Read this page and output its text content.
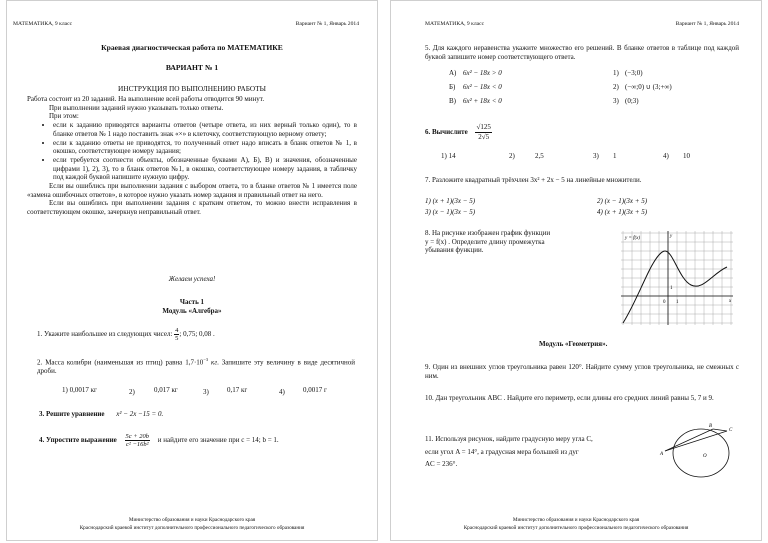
МАТЕМАТИКА, 9 класс	Вариант № 1, Январь 2014
Краевая диагностическая работа по МАТЕМАТИКЕ
ВАРИАНТ № 1
ИНСТРУКЦИЯ ПО ВЫПОЛНЕНИЮ РАБОТЫ
Работа состоит из 20 заданий. На выполнение всей работы отводится 90 минут.
При выполнении заданий нужно указывать только ответы.
При этом:
• если к заданию приводятся варианты ответов (четыре ответа, из них верный только один), то в бланке ответов № 1 надо поставить знак «×» в клеточку, соответствующую верному ответу;
• если к заданию ответы не приводятся, то полученный ответ надо вписать в бланк ответов № 1, в окошко, соответствующее номеру задания;
• если требуется соотнести объекты, обозначенные буквами А), Б), В) и значения, обозначенные цифрами 1), 2), 3), то в бланк ответов №1, в окошко, соответствующее номеру задания, в табличку под каждой буквой напишите нужную цифру.
Если вы ошиблись при выполнении задания с выбором ответа, то в бланке ответов № 1 имеется поле «замена ошибочных ответов», в которое нужно указать номер задания и правильный ответ на него.
Если вы ошиблись при выполнении задания с кратким ответом, то можно внести исправления в соответствующем окошке, зачеркнув неправильный ответ.
Желаем успеха!
Часть 1
Модуль «Алгебра»
1. Укажите наибольшее из следующих чисел: $\frac{4}{5}$ ; 0,75; 0,08 .
2. Масса колибри (наименьшая из птиц) равна $1,7\cdot 10^{-3}$ кг. Запишите эту величину в виде десятичной дроби.
1) 0,0017 кг	2)	0,017 кг	3)	0,17 кг	4)	0,0017 г
3. Решите уравнение x² − 2x −15 = 0.
4. Упростите выражение $\frac{5c + 20b}{\text{c² −16b²}}$ и найдите его значение при c = 14; b = 1.
Министерство образования и науки Краснодарского края
Краснодарский краевой институт дополнительного профессионального педагогического образования
МАТЕМАТИКА, 9 класс	Вариант № 1, Январь 2014
5. Для каждого неравенства укажите множество его решений. В бланке ответов в таблице под каждой буквой запишите номер соответствующего ответа.
А) 6x² − 18x > 0	1) (−3;0)
Б)	6x² − 18x < 0	2) (−∞;0) ∪ (3;+∞)
В)	6x² + 18x < 0	3) (0;3)
6. Вычислите $\frac{√125}{2√5}$
1) 14	2)	2,5	3) 1	4) 10
7. Разложите квадратный трёхчлен 3x² + 2x − 5 на линейные множители.
1) (x + 1)(3x − 5)	2) (x − 1)(3x + 5)
3) (x − 1)(3x − 5)	4) (x + 1)(3x + 5)
8. На рисунке изображен график функции
y = f(x) . Определите длину промежутка
убывания функции.
y
x
0
1
1
y = f(x)
Модуль «Геометрия».
9. Один из внешних углов треугольника равен 120°. Найдите сумму углов треугольника, не смежных с ним.
10. Дан треугольник ABC . Найдите его периметр, если длины его средних линий равны 5, 7 и 9.
11. Используя рисунок, найдите градусную меру угла C,
если угол A = 14°, а градусная мера большей из дуг
AC = 236°.
A
B
C
O
Министерство образования и науки Краснодарского края
Краснодарский краевой институт дополнительного профессионального педагогического образования
